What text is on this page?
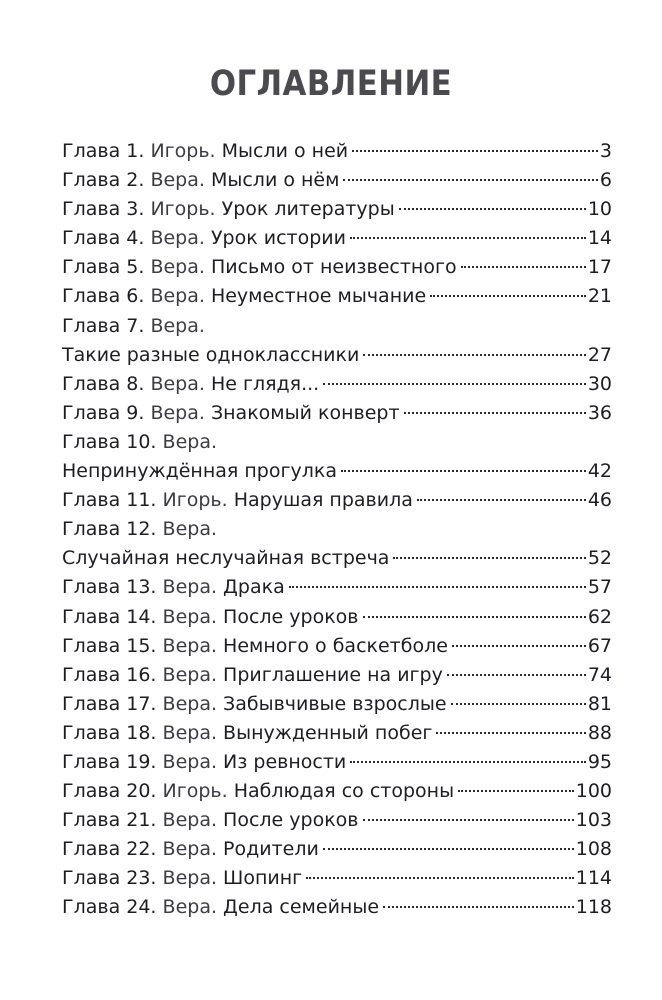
ОГЛАВЛЕНИЕ
Глава 1. Игорь. Мысли о ней	3
Глава 2. Вера. Мысли о нём	6
Глава 3. Игорь. Урок литературы	10
Глава 4. Вера. Урок истории	14
Глава 5. Вера. Письмо от неизвестного	17
Глава 6. Вера. Неуместное мычание	21
Глава 7. Вера.
Такие разные одноклассники	27
Глава 8. Вера. Не глядя...	30
Глава 9. Вера. Знакомый конверт	36
Глава 10. Вера.
Непринуждённая прогулка	42
Глава 11. Игорь. Нарушая правила	46
Глава 12. Вера.
Случайная неслучайная встреча	52
Глава 13. Вера. Драка	57
Глава 14. Вера. После уроков	62
Глава 15. Вера. Немного о баскетболе	67
Глава 16. Вера. Приглашение на игру	74
Глава 17. Вера. Забывчивые взрослые	81
Глава 18. Вера. Вынужденный побег	88
Глава 19. Вера. Из ревности	95
Глава 20. Игорь. Наблюдая со стороны	100
Глава 21. Вера. После уроков	103
Глава 22. Вера. Родители	108
Глава 23. Вера. Шопинг	114
Глава 24. Вера. Дела семейные	118
